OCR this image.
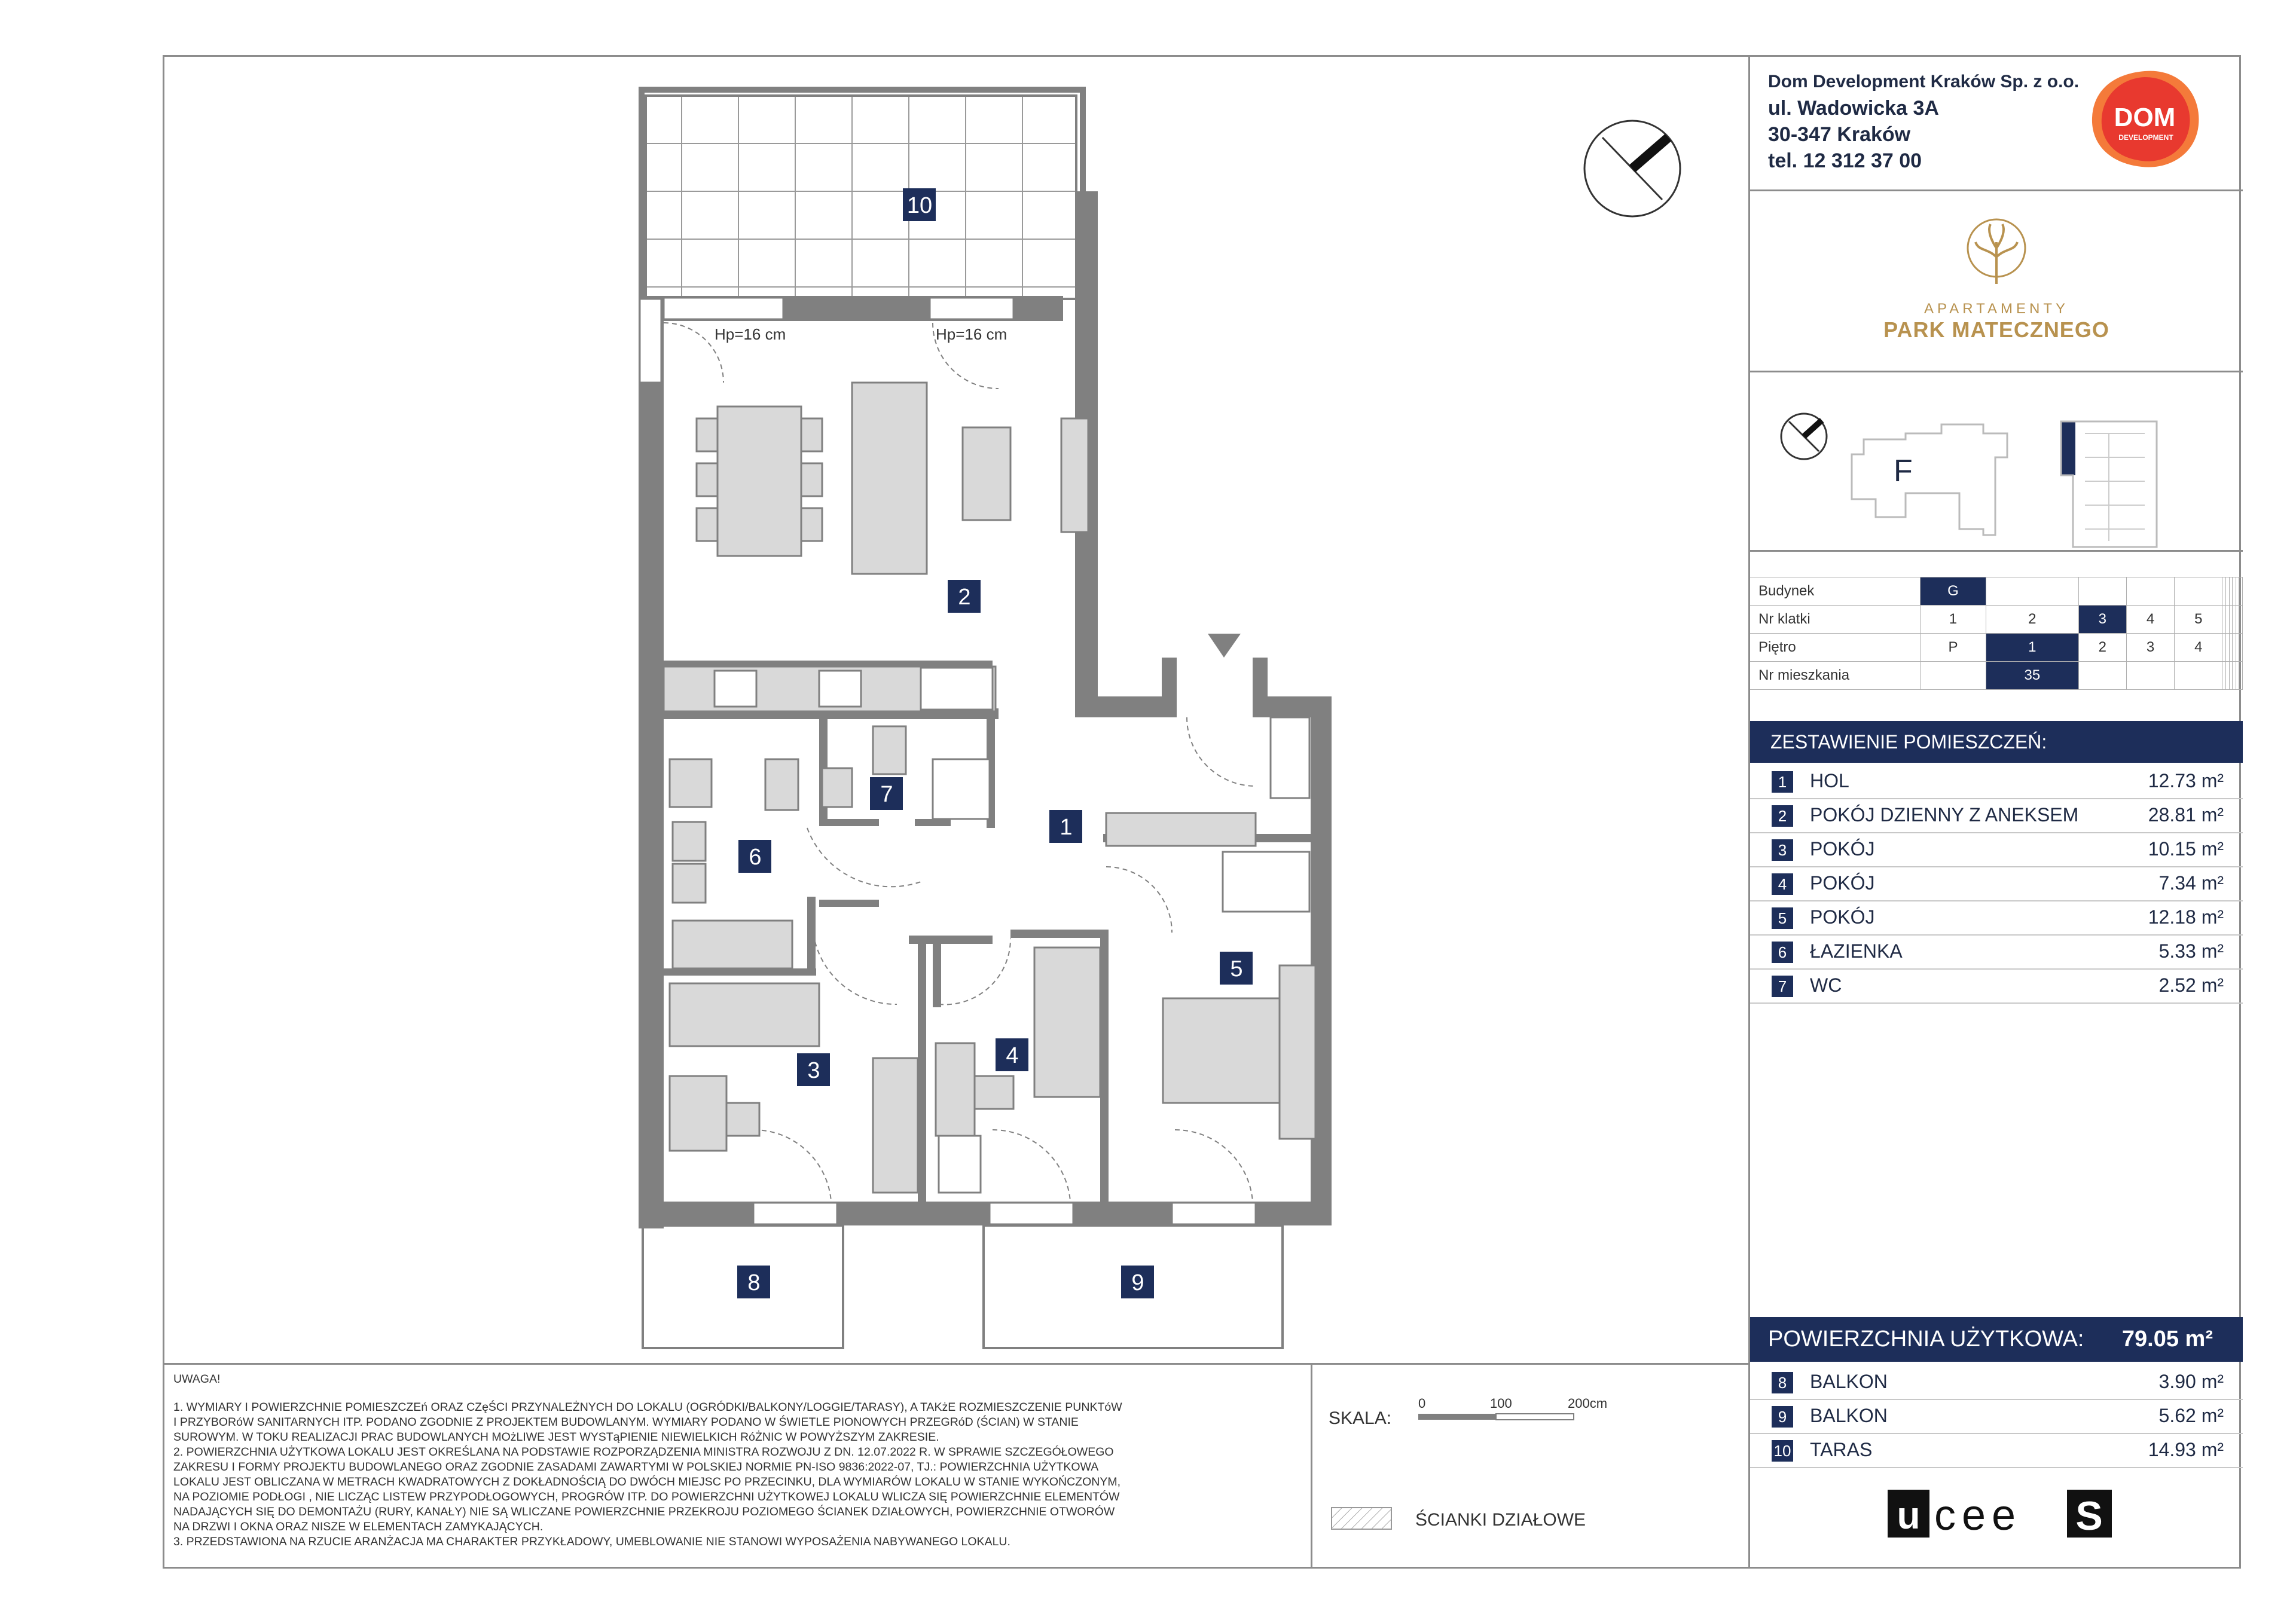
Hp=16 cm	Hp=16 cm
10
2
1
7
6
3
4
5
8	9

UWAGA!

1. WYMIARY I POWIERZCHNIE POMIESZCZEń ORAZ CZęŚCI PRZYNALEŻNYCH DO LOKALU (OGRÓDKI/BALKONY/LOGGIE/TARASY), A TAKżE ROZMIESZCZENIE PUNKTóW

I PRZYBORóW SANITARNYCH ITP. PODANO ZGODNIE Z PROJEKTEM BUDOWLANYM. WYMIARY PODANO W ŚWIETLE PIONOWYCH PRZEGRóD (ŚCIAN) W STANIE

SUROWYM. W TOKU REALIZACJI PRAC BUDOWLANYCH MOżLIWE JEST WYSTąPIENIE NIEWIELKICH RóŻNIC W POWYŻSZYM ZAKRESIE.

2. POWIERZCHNIA UŻYTKOWA LOKALU JEST OKREŚLANA NA PODSTAWIE ROZPORZĄDZENIA MINISTRA ROZWOJU Z DN. 12.07.2022 R. W SPRAWIE SZCZEGÓŁOWEGO

ZAKRESU I FORMY PROJEKTU BUDOWLANEGO ORAZ ZGODNIE ZASADAMI ZAWARTYMI W POLSKIEJ NORMIE PN-ISO 9836:2022-07, TJ.: POWIERZCHNIA UŻYTKOWA

LOKALU JEST OBLICZANA W METRACH KWADRATOWYCH Z DOKŁADNOŚCIĄ DO DWÓCH MIEJSC PO PRZECINKU, DLA WYMIARÓW LOKALU W STANIE WYKOŃCZONYM,

NA POZIOMIE PODŁOGI , NIE LICZĄC LISTEW PRZYPODŁOGOWYCH, PROGRÓW ITP. DO POWIERZCHNI UŻYTKOWEJ LOKALU WLICZA SIĘ POWIERZCHNIE ELEMENTÓW

NADAJĄCYCH SIĘ DO DEMONTAŻU (RURY, KANAŁY) NIE SĄ WLICZANE POWIERZCHNIE PRZEKROJU POZIOMEGO ŚCIANEK DZIAŁOWYCH, POWIERZCHNIE OTWORÓW

NA DRZWI I OKNA ORAZ NISZE W ELEMENTACH ZAMYKAJĄCYCH.

3. PRZEDSTAWIONA NA RZUCIE ARANŻACJA MA CHARAKTER PRZYKŁADOWY, UMEBLOWANIE NIE STANOWI WYPOSAŻENIA NABYWANEGO LOKALU.

SKALA:
0	100	200cm
ŚCIANKI DZIAŁOWE
Dom Development Kraków Sp. z o.o.
ul. Wadowicka 3A
30-347 Kraków
tel. 12 312 37 00
DOM
DEVELOPMENT
APARTAMENTY
PARK MATECZNEGO
F
Budynek	G										
Nr klatki	1	2	3	4	5						
Piętro	P	1	2	3	4						
Nr mieszkania		35									
ZESTAWIENIE POMIESZCZEŃ:
1	HOL	12.73 m²
2	POKÓJ DZIENNY Z ANEKSEM	28.81 m²
3	POKÓJ	10.15 m²
4	POKÓJ	7.34 m²
5	POKÓJ	12.18 m²
6	ŁAZIENKA	5.33 m²
7	WC	2.52 m²
POWIERZCHNIA UŻYTKOWA: 79.05 m²
8	BALKON	3.90 m²
9	BALKON	5.62 m²
10 TARAS	14.93 m²
u cee S
uceeS
